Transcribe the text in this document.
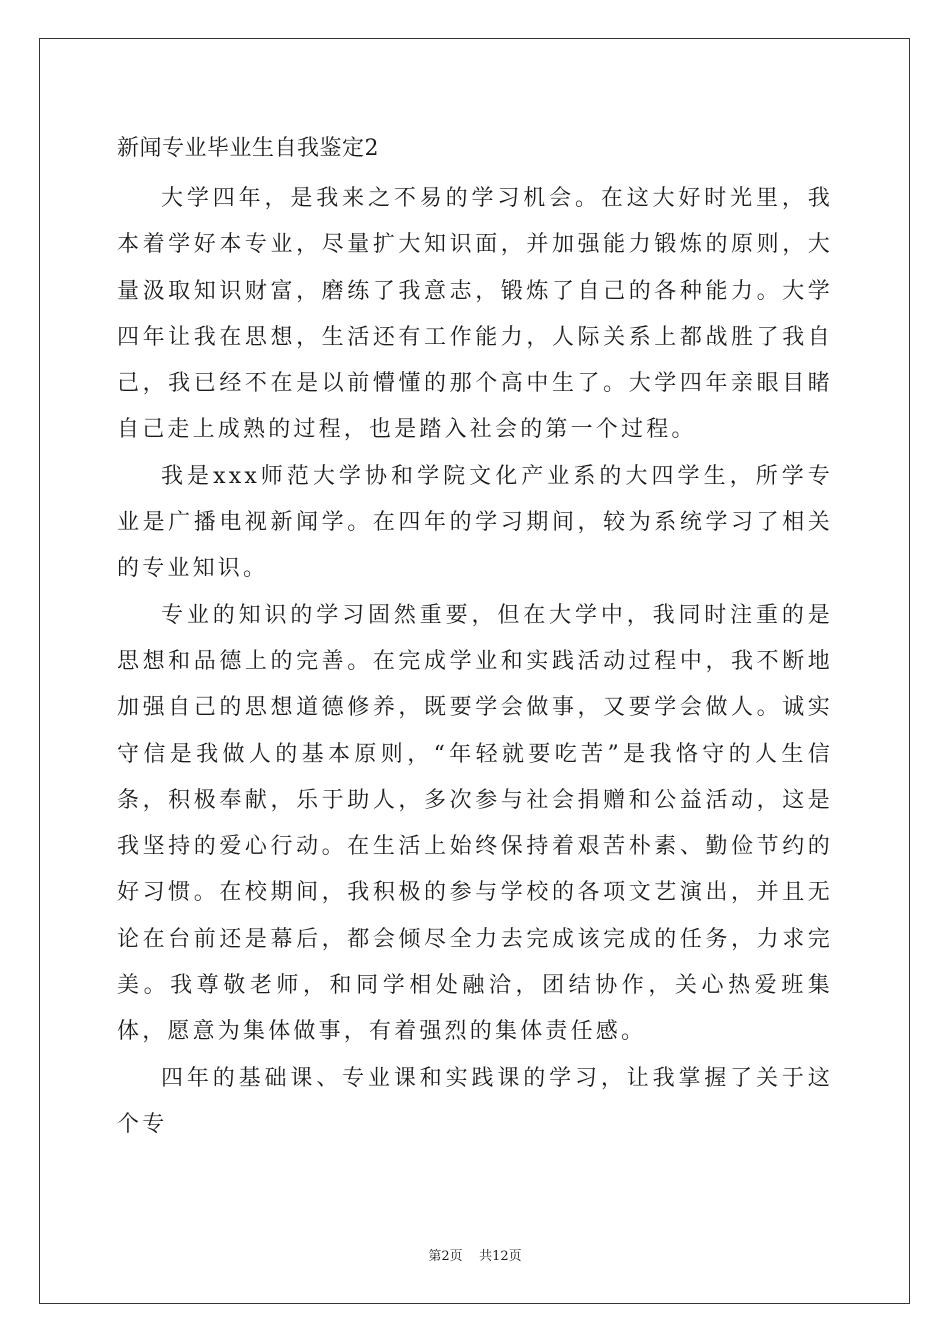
新闻专业毕业生自我鉴定2

大学四年，是我来之不易的学习机会。在这大好时光里，我本着学好本专业，尽量扩大知识面，并加强能力锻炼的原则，大量汲取知识财富，磨练了我意志，锻炼了自己的各种能力。大学四年让我在思想，生活还有工作能力，人际关系上都战胜了我自己，我已经不在是以前懵懂的那个高中生了。大学四年亲眼目睹自己走上成熟的过程，也是踏入社会的第一个过程。

我是xxx师范大学协和学院文化产业系的大四学生，所学专业是广播电视新闻学。在四年的学习期间，较为系统学习了相关的专业知识。

专业的知识的学习固然重要，但在大学中，我同时注重的是思想和品德上的完善。在完成学业和实践活动过程中，我不断地加强自己的思想道德修养，既要学会做事，又要学会做人。诚实守信是我做人的基本原则，“年轻就要吃苦”是我恪守的人生信条，积极奉献，乐于助人，多次参与社会捐赠和公益活动，这是我坚持的爱心行动。在生活上始终保持着艰苦朴素、勤俭节约的好习惯。在校期间，我积极的参与学校的各项文艺演出，并且无论在台前还是幕后，都会倾尽全力去完成该完成的任务，力求完美。我尊敬老师，和同学相处融洽，团结协作，关心热爱班集体，愿意为集体做事，有着强烈的集体责任感。

四年的基础课、专业课和实践课的学习，让我掌握了关于这个专

第2页    共12页
